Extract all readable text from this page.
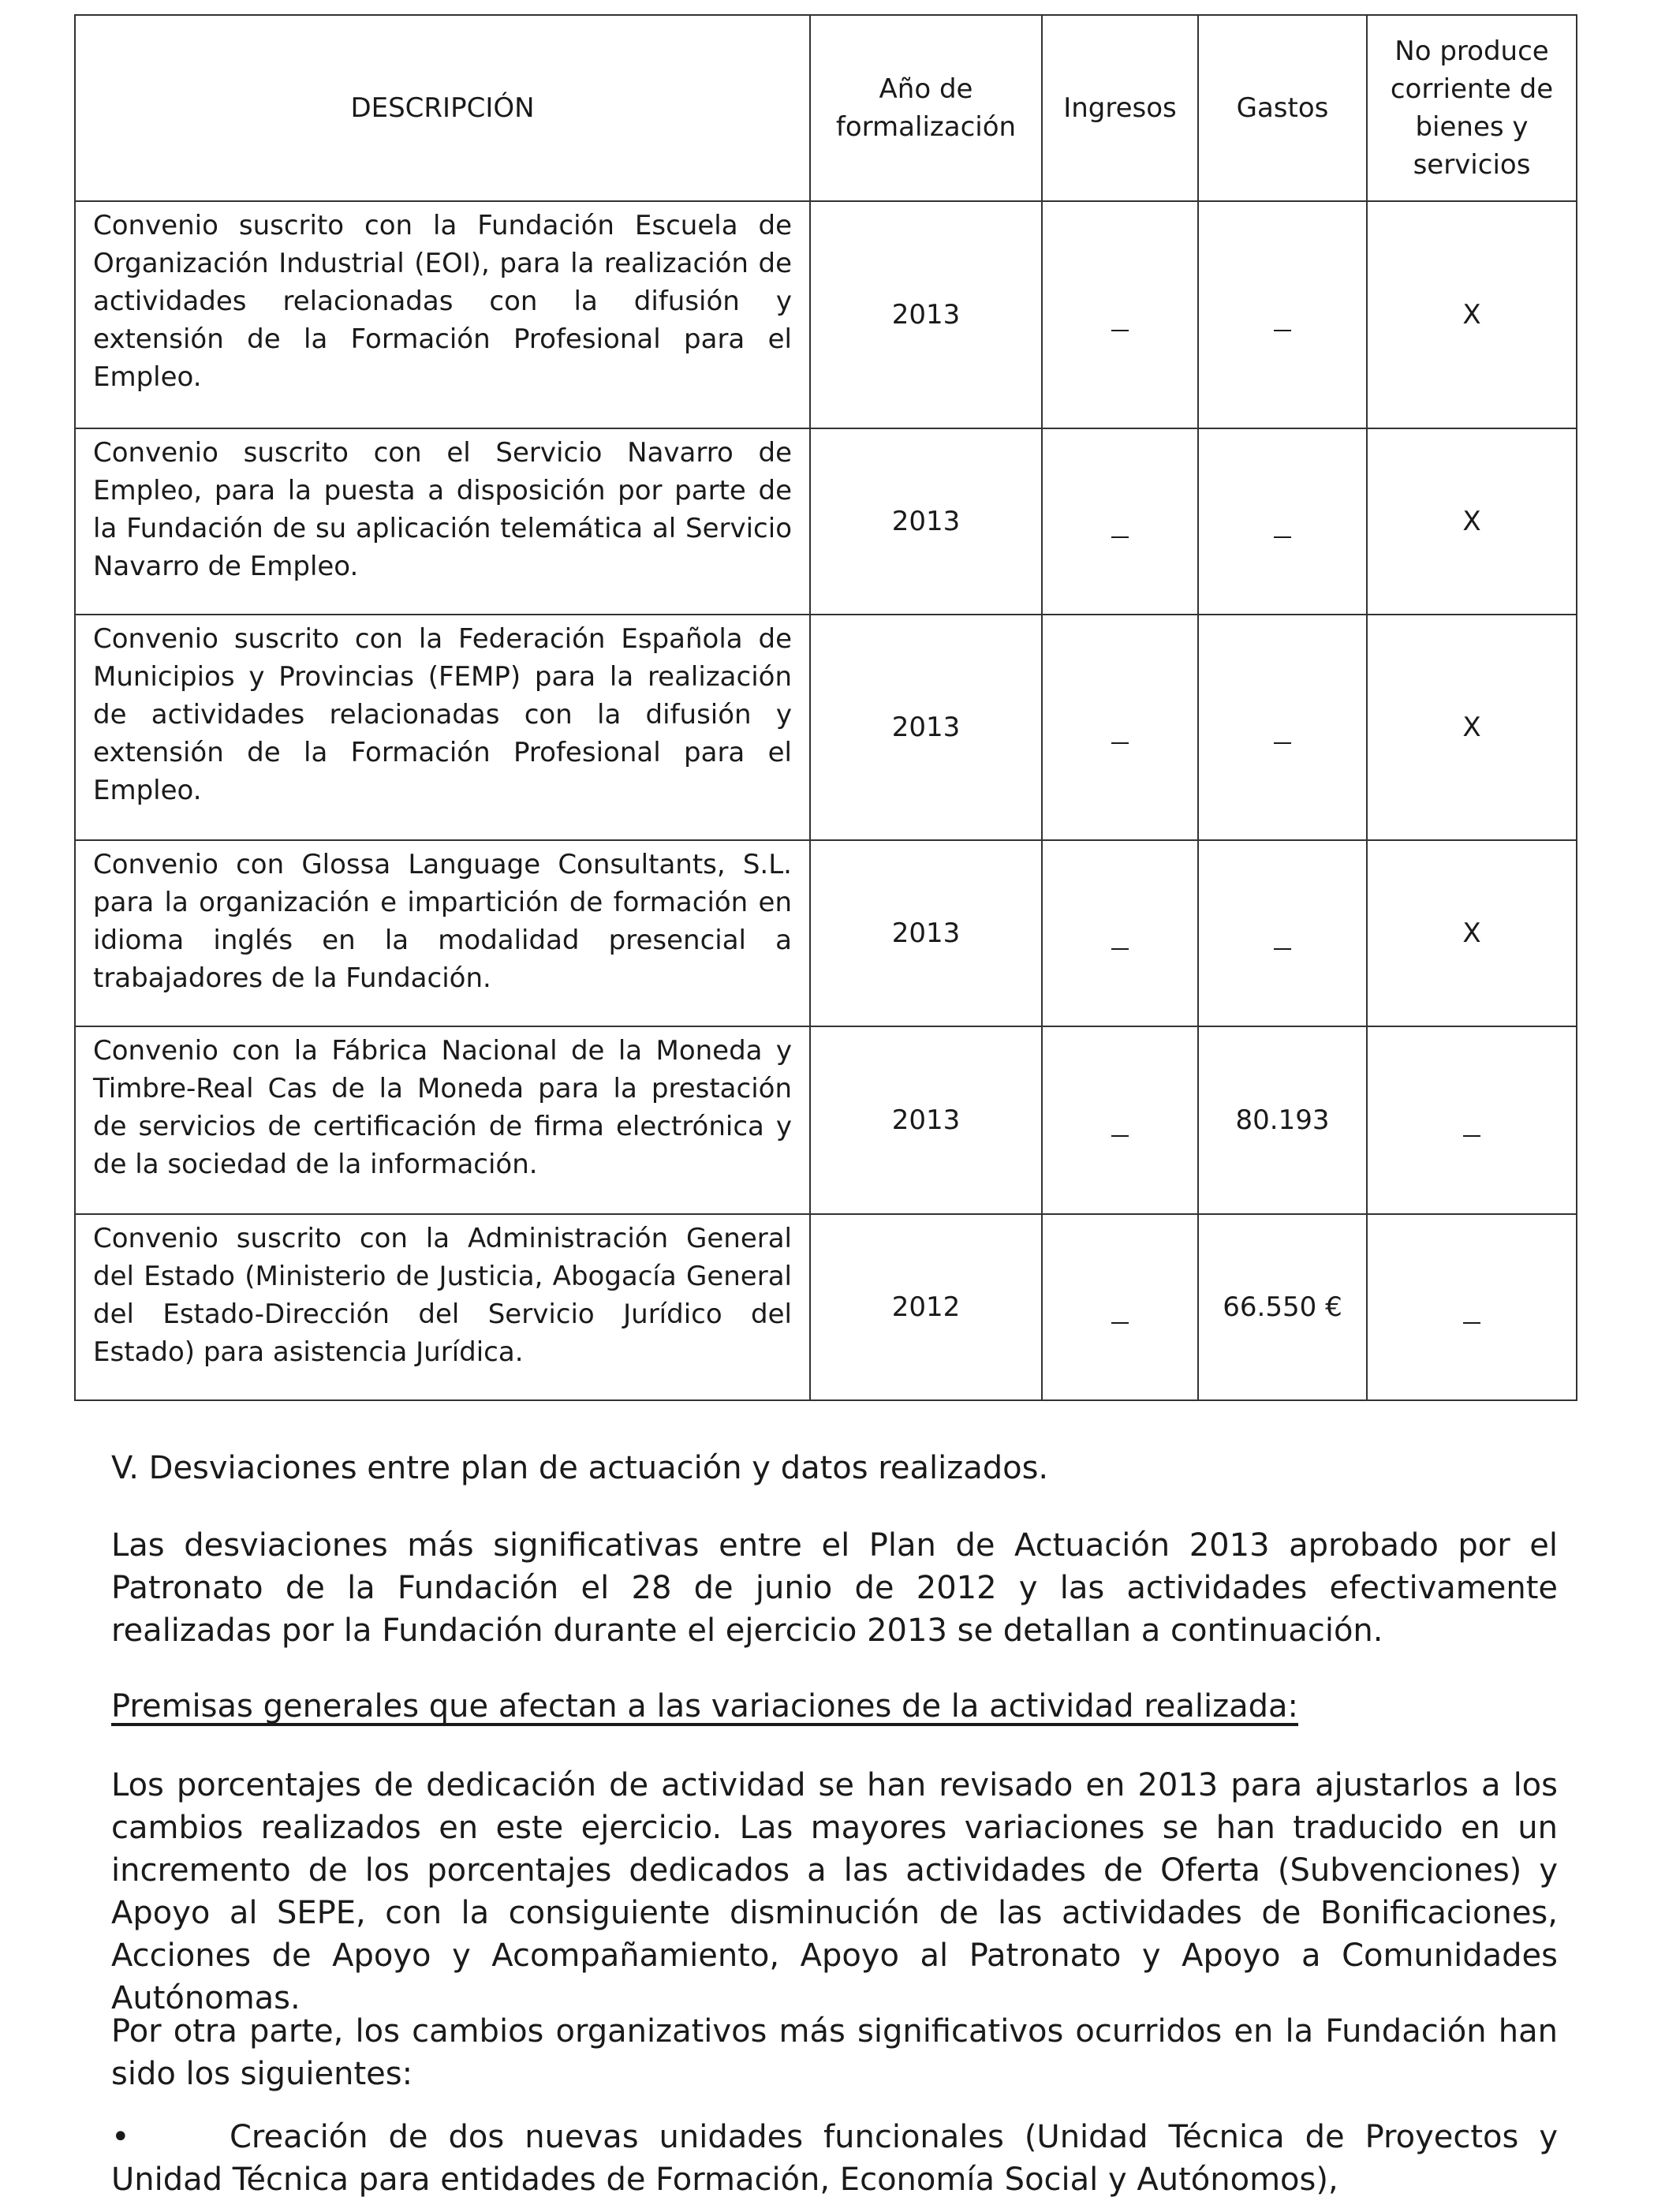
DESCRIPCIÓN	Año de formalización	Ingresos	Gastos	No produce corriente de bienes y servicios

Convenio suscrito con la Fundación Escuela de Organización Industrial (EOI), para la realización de actividades relacionadas con la difusión y extensión de la Formación Profesional para el Empleo.	2013			X

Convenio suscrito con el Servicio Navarro de Empleo, para la puesta a disposición por parte de la Fundación de su aplicación telemática al Servicio Navarro de Empleo.	2013			X

Convenio suscrito con la Federación Española de Municipios y Provincias (FEMP) para la realización de actividades relacionadas con la difusión y extensión de la Formación Profesional para el Empleo.	2013			X

Convenio con Glossa Language Consultants, S.L. para la organización e impartición de formación en idioma inglés en la modalidad presencial a trabajadores de la Fundación.	2013			X

Convenio con la Fábrica Nacional de la Moneda y Timbre-Real Cas de la Moneda para la prestación de servicios de certificación de firma electrónica y de la sociedad de la información.	2013		80.193	

Convenio suscrito con la Administración General del Estado (Ministerio de Justicia, Abogacía General del Estado-Dirección del Servicio Jurídico del Estado) para asistencia Jurídica.	2012		66.550 €	
V. Desviaciones entre plan de actuación y datos realizados.
Las desviaciones más significativas entre el Plan de Actuación 2013 aprobado por el Patronato de la Fundación el 28 de junio de 2012 y las actividades efectivamente realizadas por la Fundación durante el ejercicio 2013 se detallan a continuación.
Premisas generales que afectan a las variaciones de la actividad realizada:
Los porcentajes de dedicación de actividad se han revisado en 2013 para ajustarlos a los cambios realizados en este ejercicio. Las mayores variaciones se han traducido en un incremento de los porcentajes dedicados a las actividades de Oferta (Subvenciones) y Apoyo al SEPE, con la consiguiente disminución de las actividades de Bonificaciones, Acciones de Apoyo y Acompañamiento, Apoyo al Patronato y Apoyo a Comunidades Autónomas.
Por otra parte, los cambios organizativos más significativos ocurridos en la Fundación han sido los siguientes:
•	Creación de dos nuevas unidades funcionales (Unidad Técnica de Proyectos y Unidad Técnica para entidades de Formación, Economía Social y Autónomos),
